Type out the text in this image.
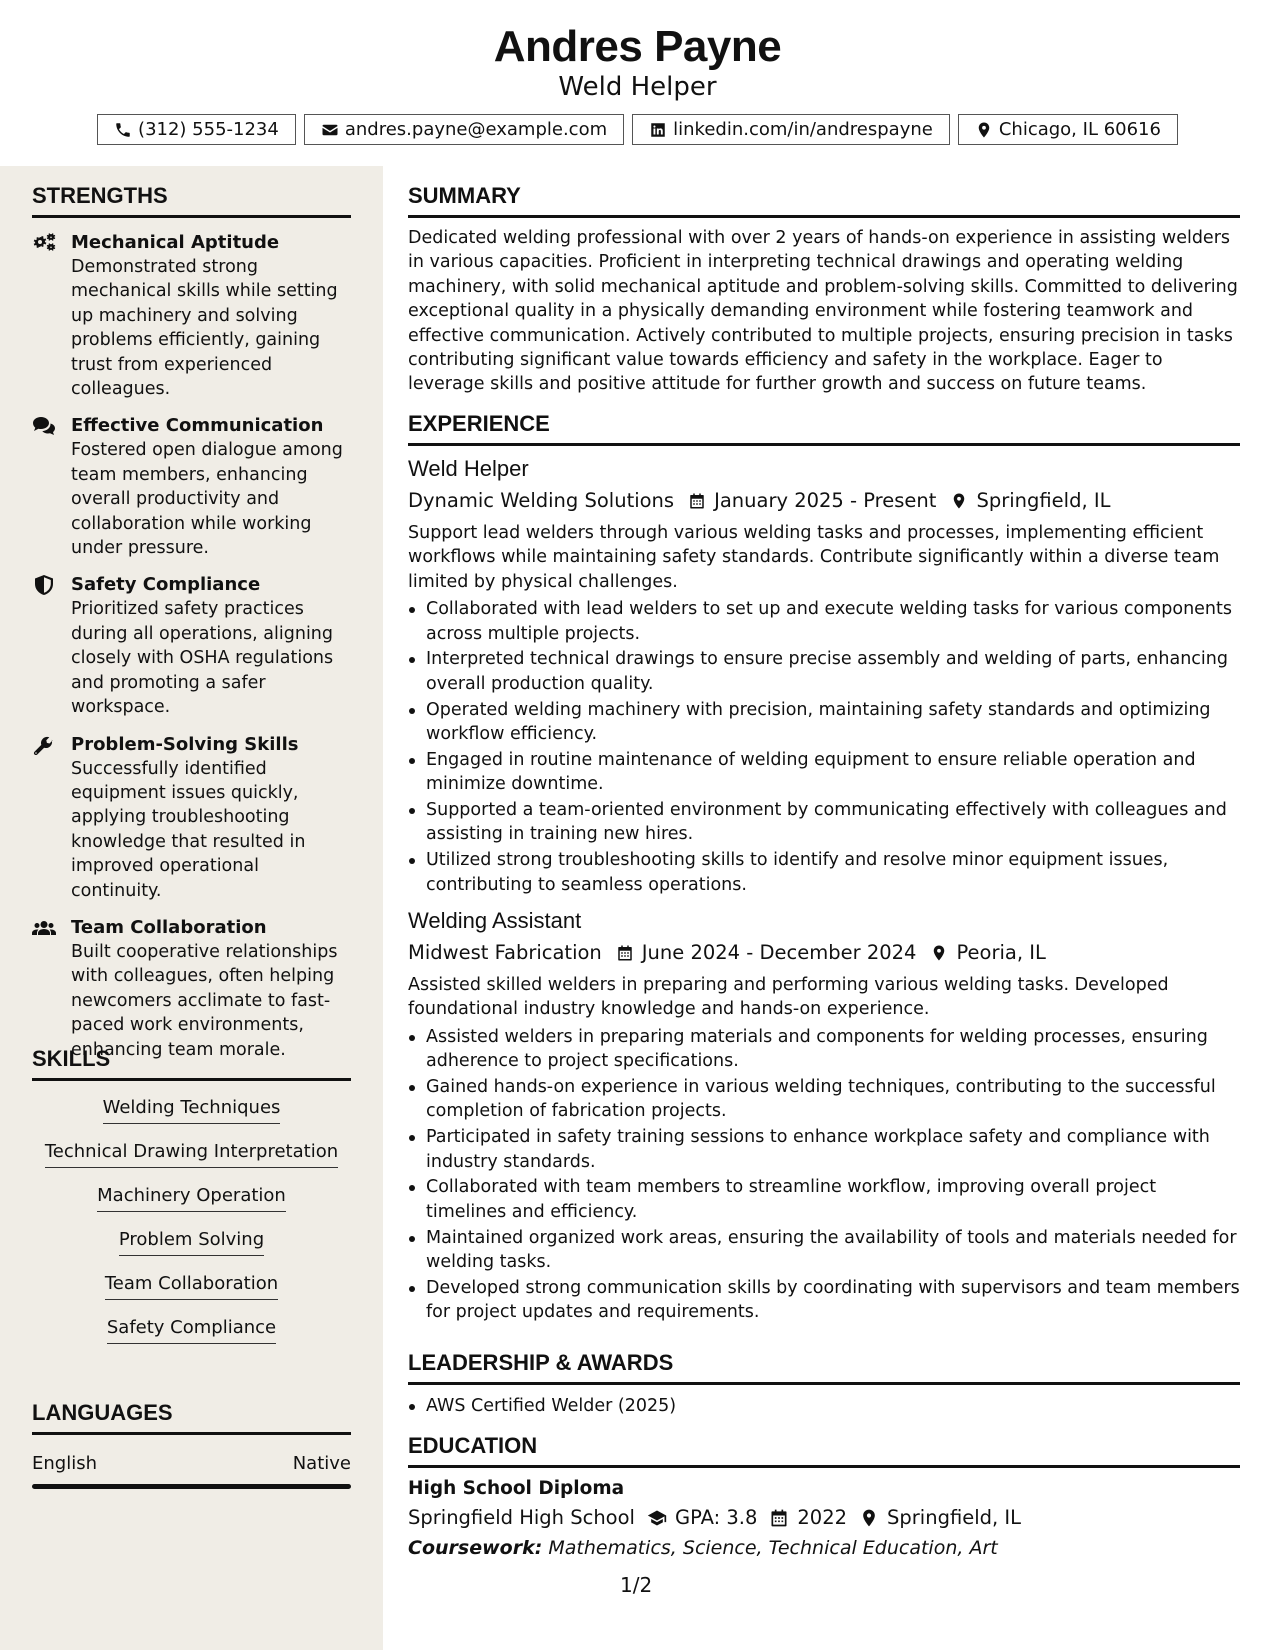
Andres Payne
Weld Helper
(312) 555-1234	andres.payne@example.com	linkedin.com/in/andrespayne	Chicago, IL 60616
STRENGTHS
Mechanical Aptitude
Demonstrated strong mechanical skills while setting up machinery and solving problems efficiently, gaining trust from experienced colleagues.
Effective Communication
Fostered open dialogue among team members, enhancing overall productivity and collaboration while working under pressure.
Safety Compliance
Prioritized safety practices during all operations, aligning closely with OSHA regulations and promoting a safer workspace.
Problem-Solving Skills
Successfully identified equipment issues quickly, applying troubleshooting knowledge that resulted in improved operational continuity.
Team Collaboration
Built cooperative relationships with colleagues, often helping newcomers acclimate to fast-paced work environments, enhancing team morale.
SKILLS
Welding Techniques
Technical Drawing Interpretation
Machinery Operation
Problem Solving
Team Collaboration
Safety Compliance
LANGUAGES
English	Native
SUMMARY
Dedicated welding professional with over 2 years of hands-on experience in assisting welders in various capacities. Proficient in interpreting technical drawings and operating welding machinery, with solid mechanical aptitude and problem-solving skills. Committed to delivering exceptional quality in a physically demanding environment while fostering teamwork and effective communication. Actively contributed to multiple projects, ensuring precision in tasks contributing significant value towards efficiency and safety in the workplace. Eager to leverage skills and positive attitude for further growth and success on future teams.
EXPERIENCE
Weld Helper
Dynamic Welding Solutions January 2025 - Present Springfield, IL
Support lead welders through various welding tasks and processes, implementing efficient workflows while maintaining safety standards. Contribute significantly within a diverse team limited by physical challenges.
Collaborated with lead welders to set up and execute welding tasks for various components across multiple projects.
Interpreted technical drawings to ensure precise assembly and welding of parts, enhancing overall production quality.
Operated welding machinery with precision, maintaining safety standards and optimizing workflow efficiency.
Engaged in routine maintenance of welding equipment to ensure reliable operation and minimize downtime.
Supported a team-oriented environment by communicating effectively with colleagues and assisting in training new hires.
Utilized strong troubleshooting skills to identify and resolve minor equipment issues, contributing to seamless operations.
Welding Assistant
Midwest Fabrication June 2024 - December 2024 Peoria, IL
Assisted skilled welders in preparing and performing various welding tasks. Developed foundational industry knowledge and hands-on experience.
Assisted welders in preparing materials and components for welding processes, ensuring adherence to project specifications.
Gained hands-on experience in various welding techniques, contributing to the successful completion of fabrication projects.
Participated in safety training sessions to enhance workplace safety and compliance with industry standards.
Collaborated with team members to streamline workflow, improving overall project timelines and efficiency.
Maintained organized work areas, ensuring the availability of tools and materials needed for welding tasks.
Developed strong communication skills by coordinating with supervisors and team members for project updates and requirements.
LEADERSHIP & AWARDS
AWS Certified Welder (2025)
EDUCATION
High School Diploma
Springfield High School GPA: 3.8 2022 Springfield, IL
Coursework: Mathematics, Science, Technical Education, Art
1/2
